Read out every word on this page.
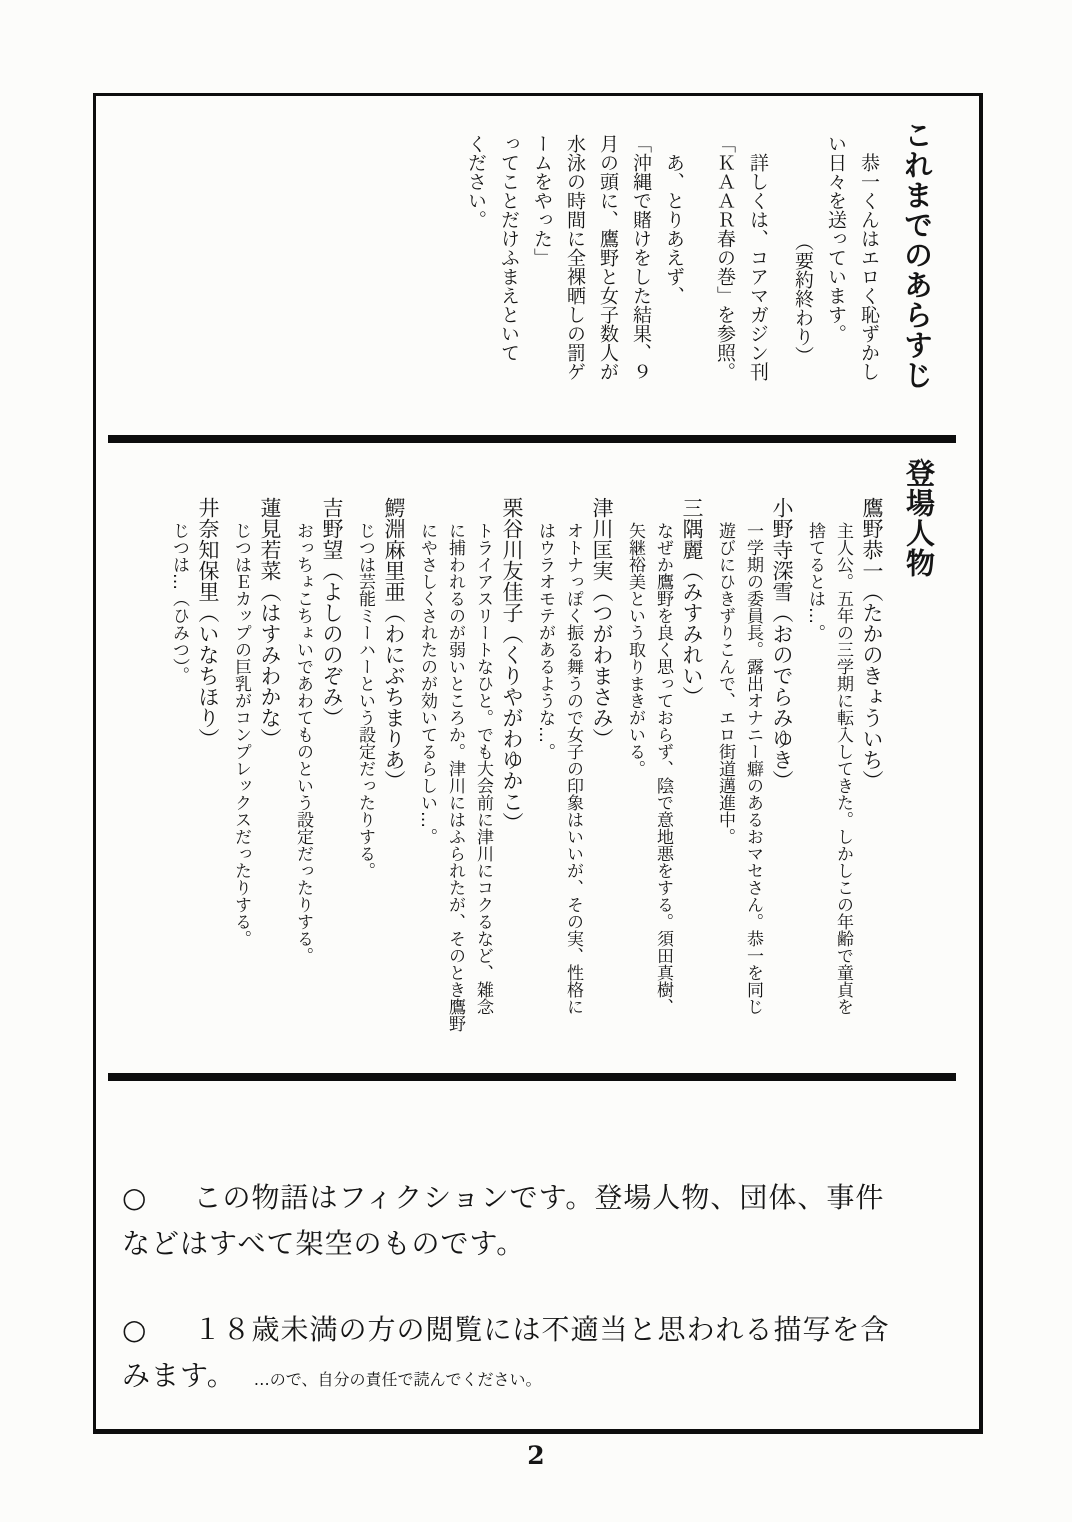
これまでのあらすじ

恭一くんはエロく恥ずかし

い日々を送っています。

（要約終わり）

詳しくは、コアマガジン刊

「ＫＡＡＲ春の巻」を参照。

あ、とりあえず、

「沖縄で賭けをした結果、９

月の頭に、鷹野と女子数人が

水泳の時間に全裸晒しの罰ゲ

ームをやった」

ってことだけふまえといて

ください。

登場人物

鷹野恭一（たかのきょういち）

主人公。五年の三学期に転入してきた。しかしこの年齢で童貞を

捨てるとは…。

小野寺深雪（おのでらみゆき）

一学期の委員長。露出オナニー癖のあるおマセさん。恭一を同じ

遊びにひきずりこんで、エロ街道邁進中。

三隅麗（みすみれい）

なぜか鷹野を良く思っておらず、陰で意地悪をする。須田真樹、

矢継裕美という取りまきがいる。

津川匡実（つがわまさみ）

オトナっぽく振る舞うので女子の印象はいいが、その実、性格に

はウラオモテがあるような…。

栗谷川友佳子（くりやがわゆかこ）

トライアスリートなひと。でも大会前に津川にコクるなど、雑念

に捕われるのが弱いところか。津川にはふられたが、そのとき鷹野

にやさしくされたのが効いてるらしい…。

鰐淵麻里亜（わにぶちまりあ）

じつは芸能ミーハーという設定だったりする。

吉野望（よしののぞみ）

おっちょこちょいであわてものという設定だったりする。

蓮見若菜（はすみわかな）

じつはＥカップの巨乳がコンプレックスだったりする。

井奈知保里（いなちほり）

じつは…（ひみつ）。

○ この物語はフィクションです。登場人物、団体、事件
などはすべて架空のものです。

○ １８歳未満の方の閲覧には不適当と思われる描写を含
みます。 …ので、自分の責任で読んでください。

2
